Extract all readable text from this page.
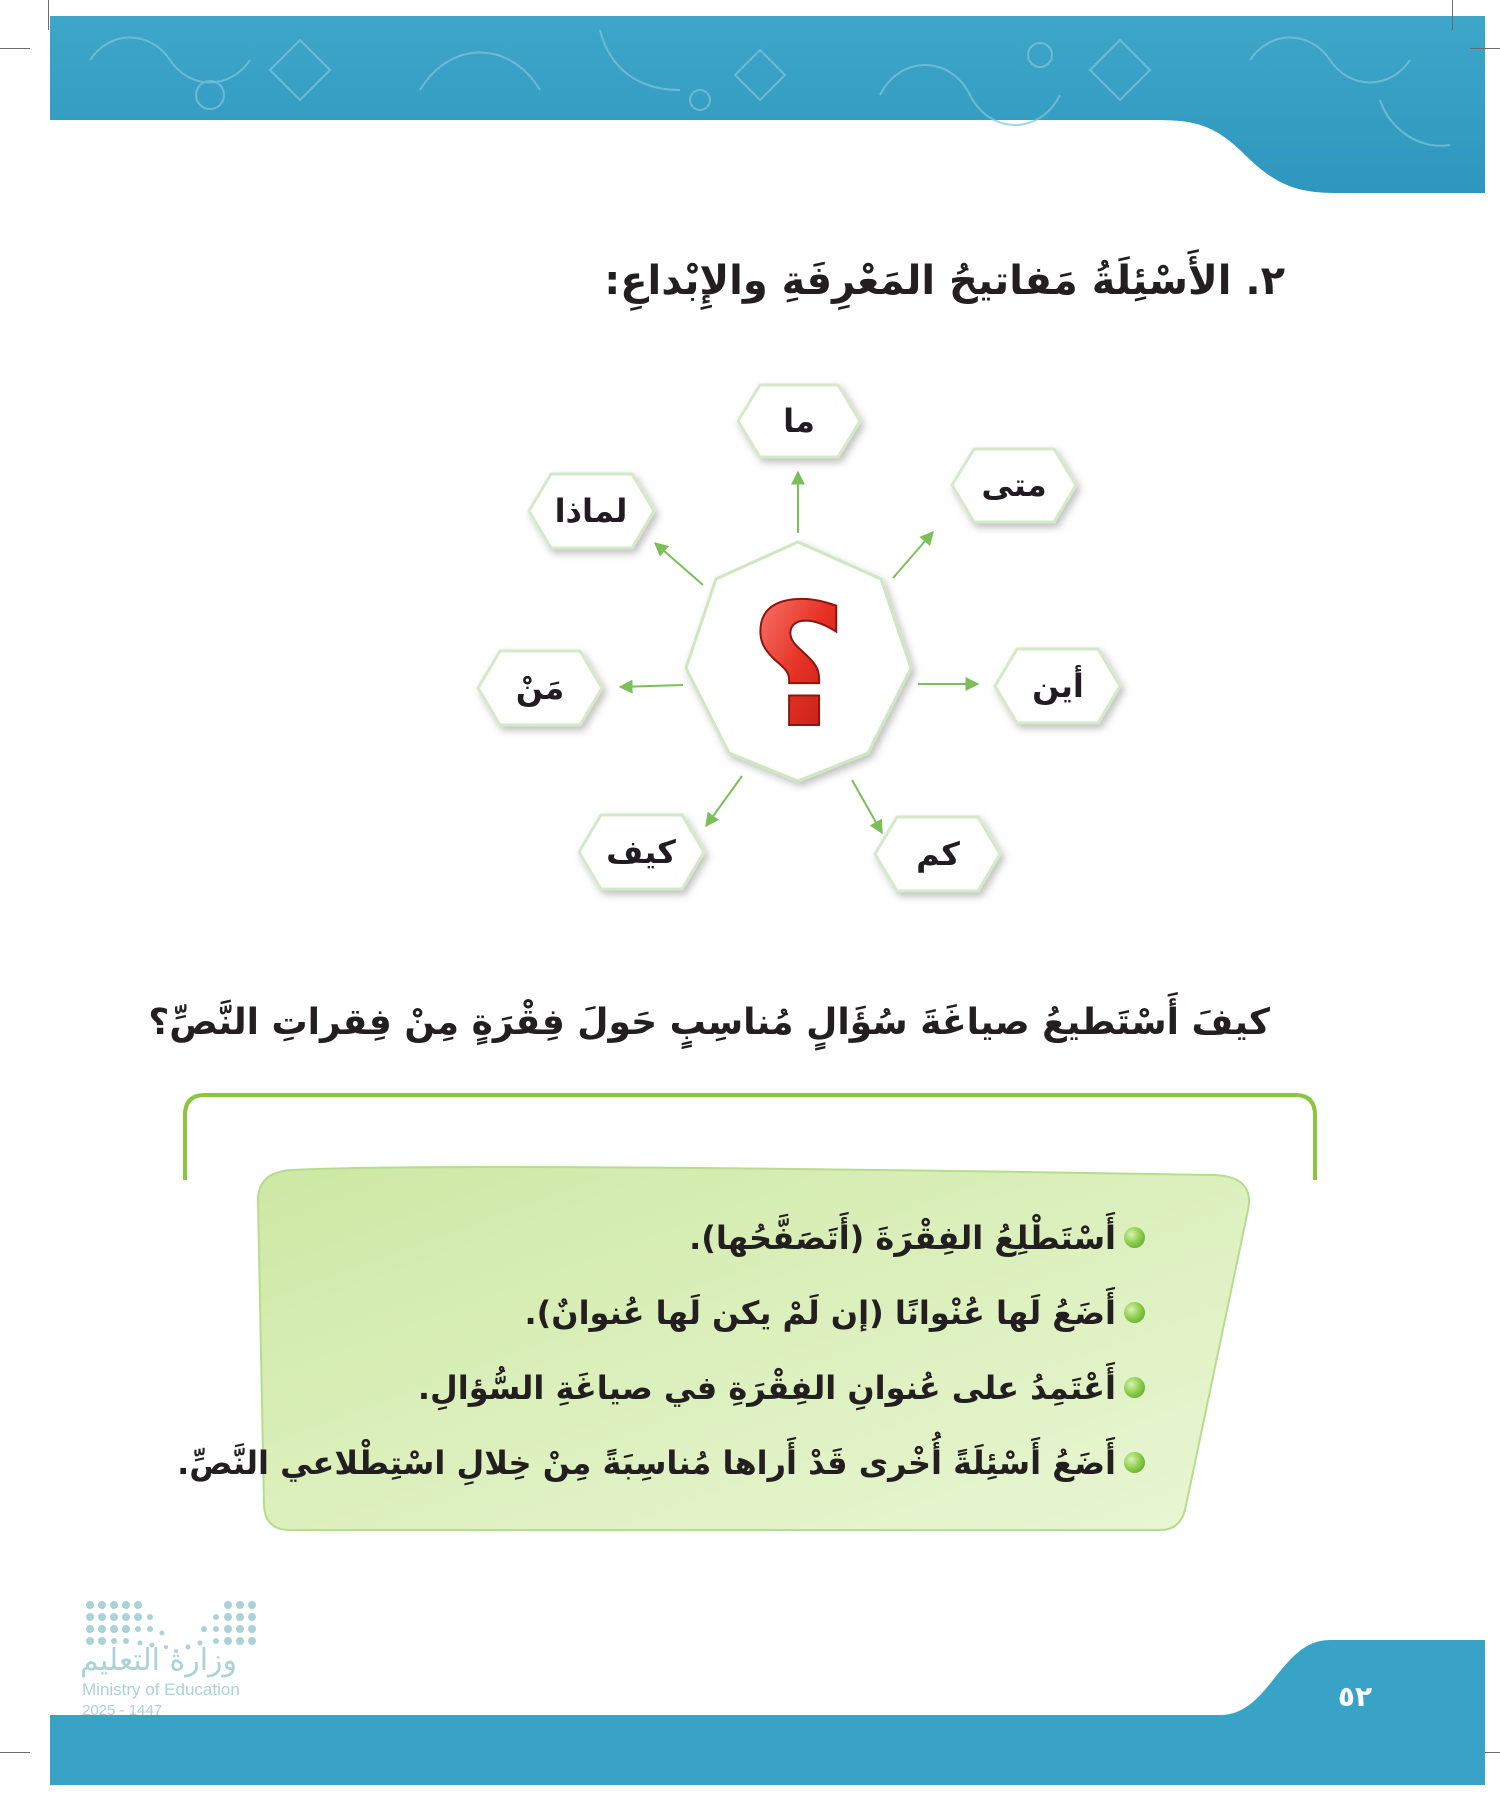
٢. الأَسْئِلَةُ مَفاتيحُ المَعْرِفَةِ والإِبْداعِ:
؟
ما
متى
أين
كم
كيف
مَنْ
لماذا
كيفَ أَسْتَطيعُ صياغَةَ سُؤَالٍ مُناسِبٍ حَولَ فِقْرَةٍ مِنْ فِقراتِ النَّصِّ؟
أَسْتَطْلِعُ الفِقْرَةَ (أَتَصَفَّحُها).
أَضَعُ لَها عُنْوانًا (إن لَمْ يكن لَها عُنوانٌ).
أَعْتَمِدُ على عُنوانِ الفِقْرَةِ في صياغَةِ السُّؤالِ.
أَضَعُ أَسْئِلَةً أُخْرى قَدْ أَراها مُناسِبَةً مِنْ خِلالِ اسْتِطْلاعي النَّصِّ.
وزارة التعليم
Ministry of Education
2025 - 1447	٥٢
